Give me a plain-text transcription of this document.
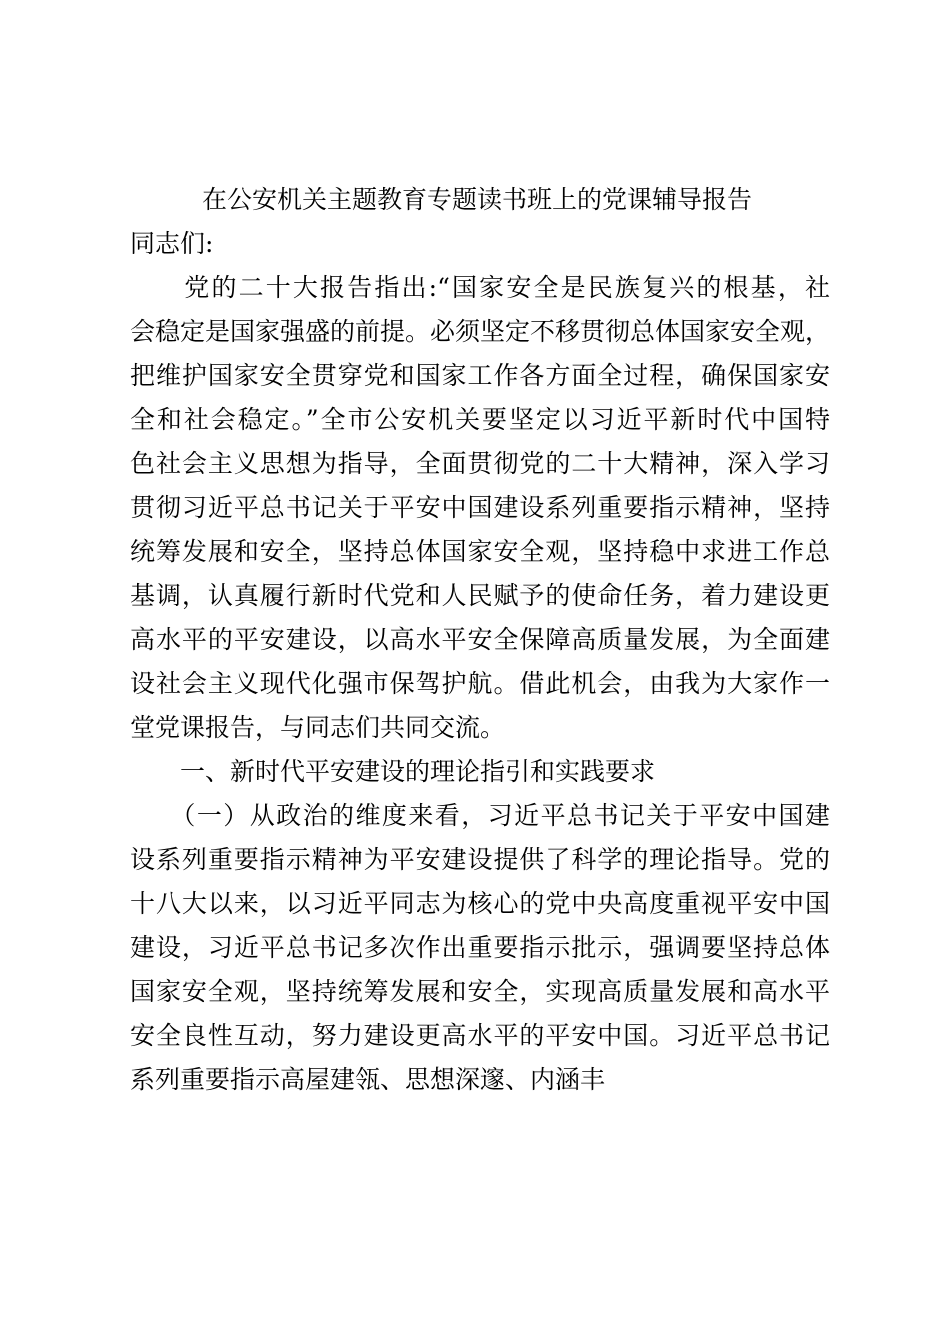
在公安机关主题教育专题读书班上的党课辅导报告
同志们:
　　党的二十大报告指出:“国家安全是民族复兴的根基，社
会稳定是国家强盛的前提。必须坚定不移贯彻总体国家安全观，
把维护国家安全贯穿党和国家工作各方面全过程，确保国家安
全和社会稳定。”全市公安机关要坚定以习近平新时代中国特
色社会主义思想为指导，全面贯彻党的二十大精神，深入学习
贯彻习近平总书记关于平安中国建设系列重要指示精神，坚持
统筹发展和安全，坚持总体国家安全观，坚持稳中求进工作总
基调，认真履行新时代党和人民赋予的使命任务，着力建设更
高水平的平安建设，以高水平安全保障高质量发展，为全面建
设社会主义现代化强市保驾护航。借此机会，由我为大家作一
堂党课报告，与同志们共同交流。
　　一、新时代平安建设的理论指引和实践要求
　　（一）从政治的维度来看，习近平总书记关于平安中国建
设系列重要指示精神为平安建设提供了科学的理论指导。党的
十八大以来，以习近平同志为核心的党中央高度重视平安中国
建设，习近平总书记多次作出重要指示批示，强调要坚持总体
国家安全观，坚持统筹发展和安全，实现高质量发展和高水平
安全良性互动，努力建设更高水平的平安中国。习近平总书记
系列重要指示高屋建瓴、思想深邃、内涵丰
